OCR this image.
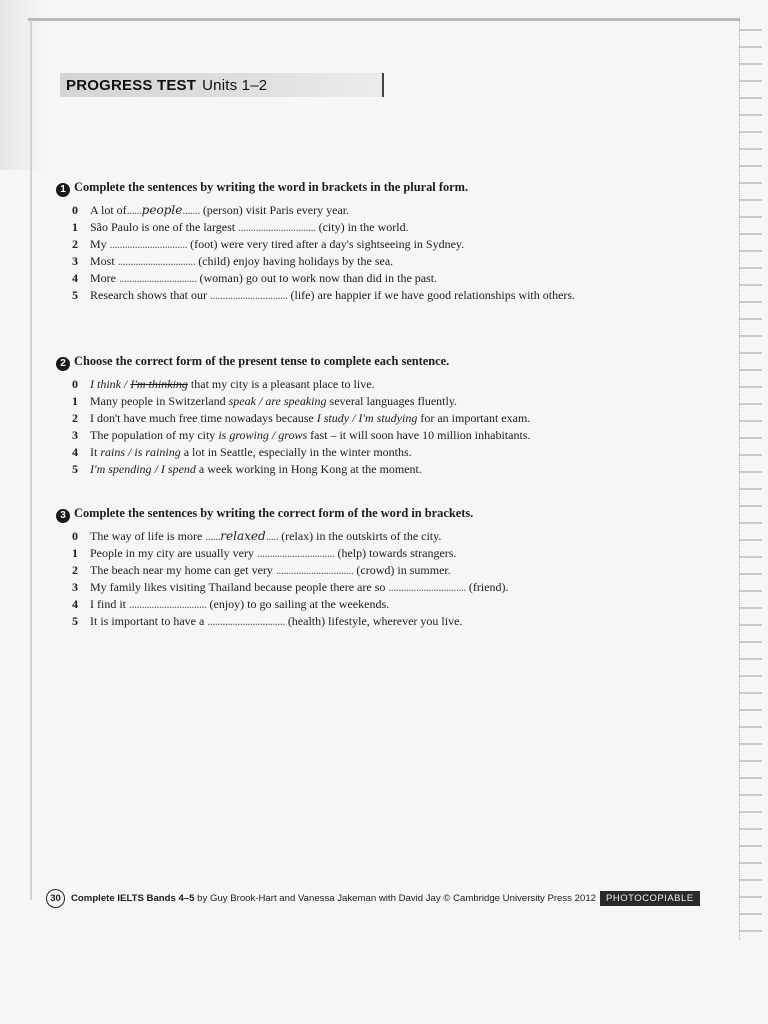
PROGRESS TEST Units 1–2
1 Complete the sentences by writing the word in brackets in the plural form.
0	A lot of......people....... (person) visit Paris every year.
1	São Paulo is one of the largest ............................... (city) in the world.
2	My ............................... (foot) were very tired after a day's sightseeing in Sydney.
3	Most ............................... (child) enjoy having holidays by the sea.
4	More ............................... (woman) go out to work now than did in the past.
5	Research shows that our ............................... (life) are happier if we have good relationships with others.
2 Choose the correct form of the present tense to complete each sentence.
0	I think / I'm thinking that my city is a pleasant place to live.
1	Many people in Switzerland speak / are speaking several languages fluently.
2	I don't have much free time nowadays because I study / I'm studying for an important exam.
3	The population of my city is growing / grows fast – it will soon have 10 million inhabitants.
4	It rains / is raining a lot in Seattle, especially in the winter months.
5	I'm spending / I spend a week working in Hong Kong at the moment.
3 Complete the sentences by writing the correct form of the word in brackets.
0	The way of life is more ......relaxed..... (relax) in the outskirts of the city.
1	People in my city are usually very ............................... (help) towards strangers.
2	The beach near my home can get very ............................... (crowd) in summer.
3	My family likes visiting Thailand because people there are so ............................... (friend).
4	I find it ............................... (enjoy) to go sailing at the weekends.
5	It is important to have a ............................... (health) lifestyle, wherever you live.
30 Complete IELTS Bands 4–5 by Guy Brook-Hart and Vanessa Jakeman with David Jay © Cambridge University Press 2012 PHOTOCOPIABLE
